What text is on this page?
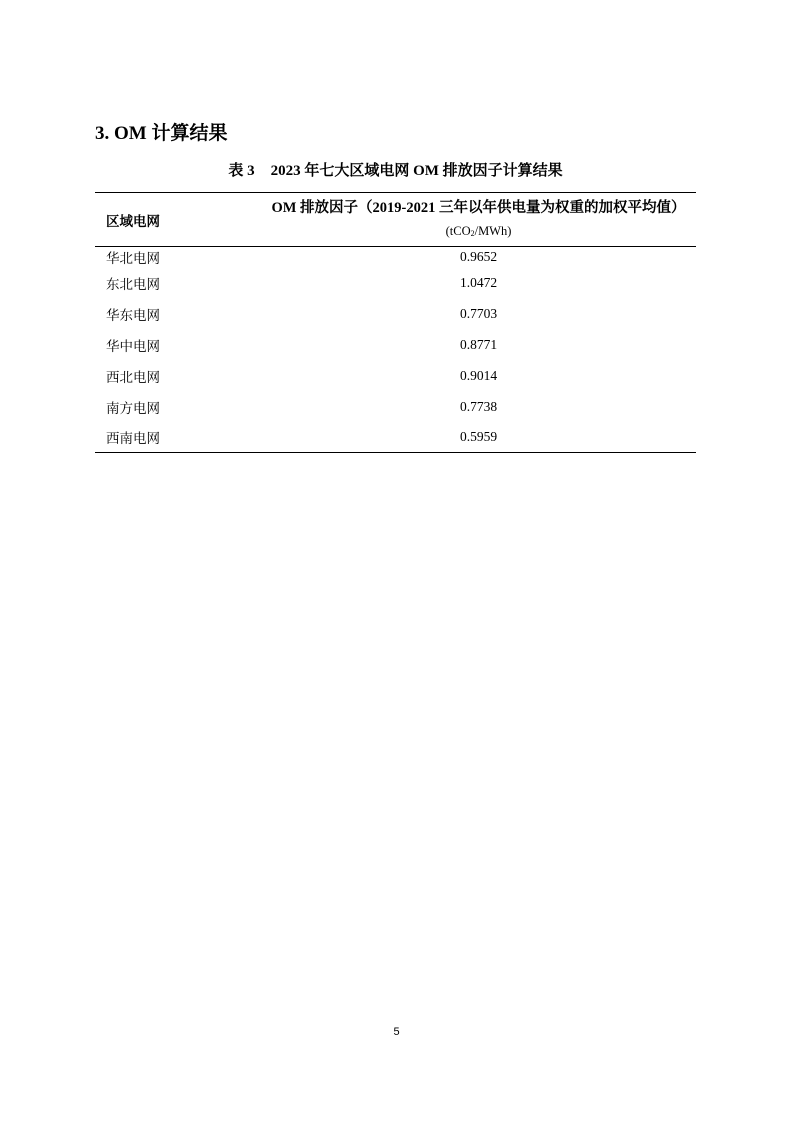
3. OM 计算结果
表 3 2023 年七大区域电网 OM 排放因子计算结果
区域电网	OM 排放因子（2019-2021 三年以年供电量为权重的加权平均值）
(tCO$_2$/MWh)

华北电网	0.9652
东北电网	1.0472
华东电网	0.7703
华中电网	0.8771
西北电网	0.9014
南方电网	0.7738
西南电网	0.5959
5
